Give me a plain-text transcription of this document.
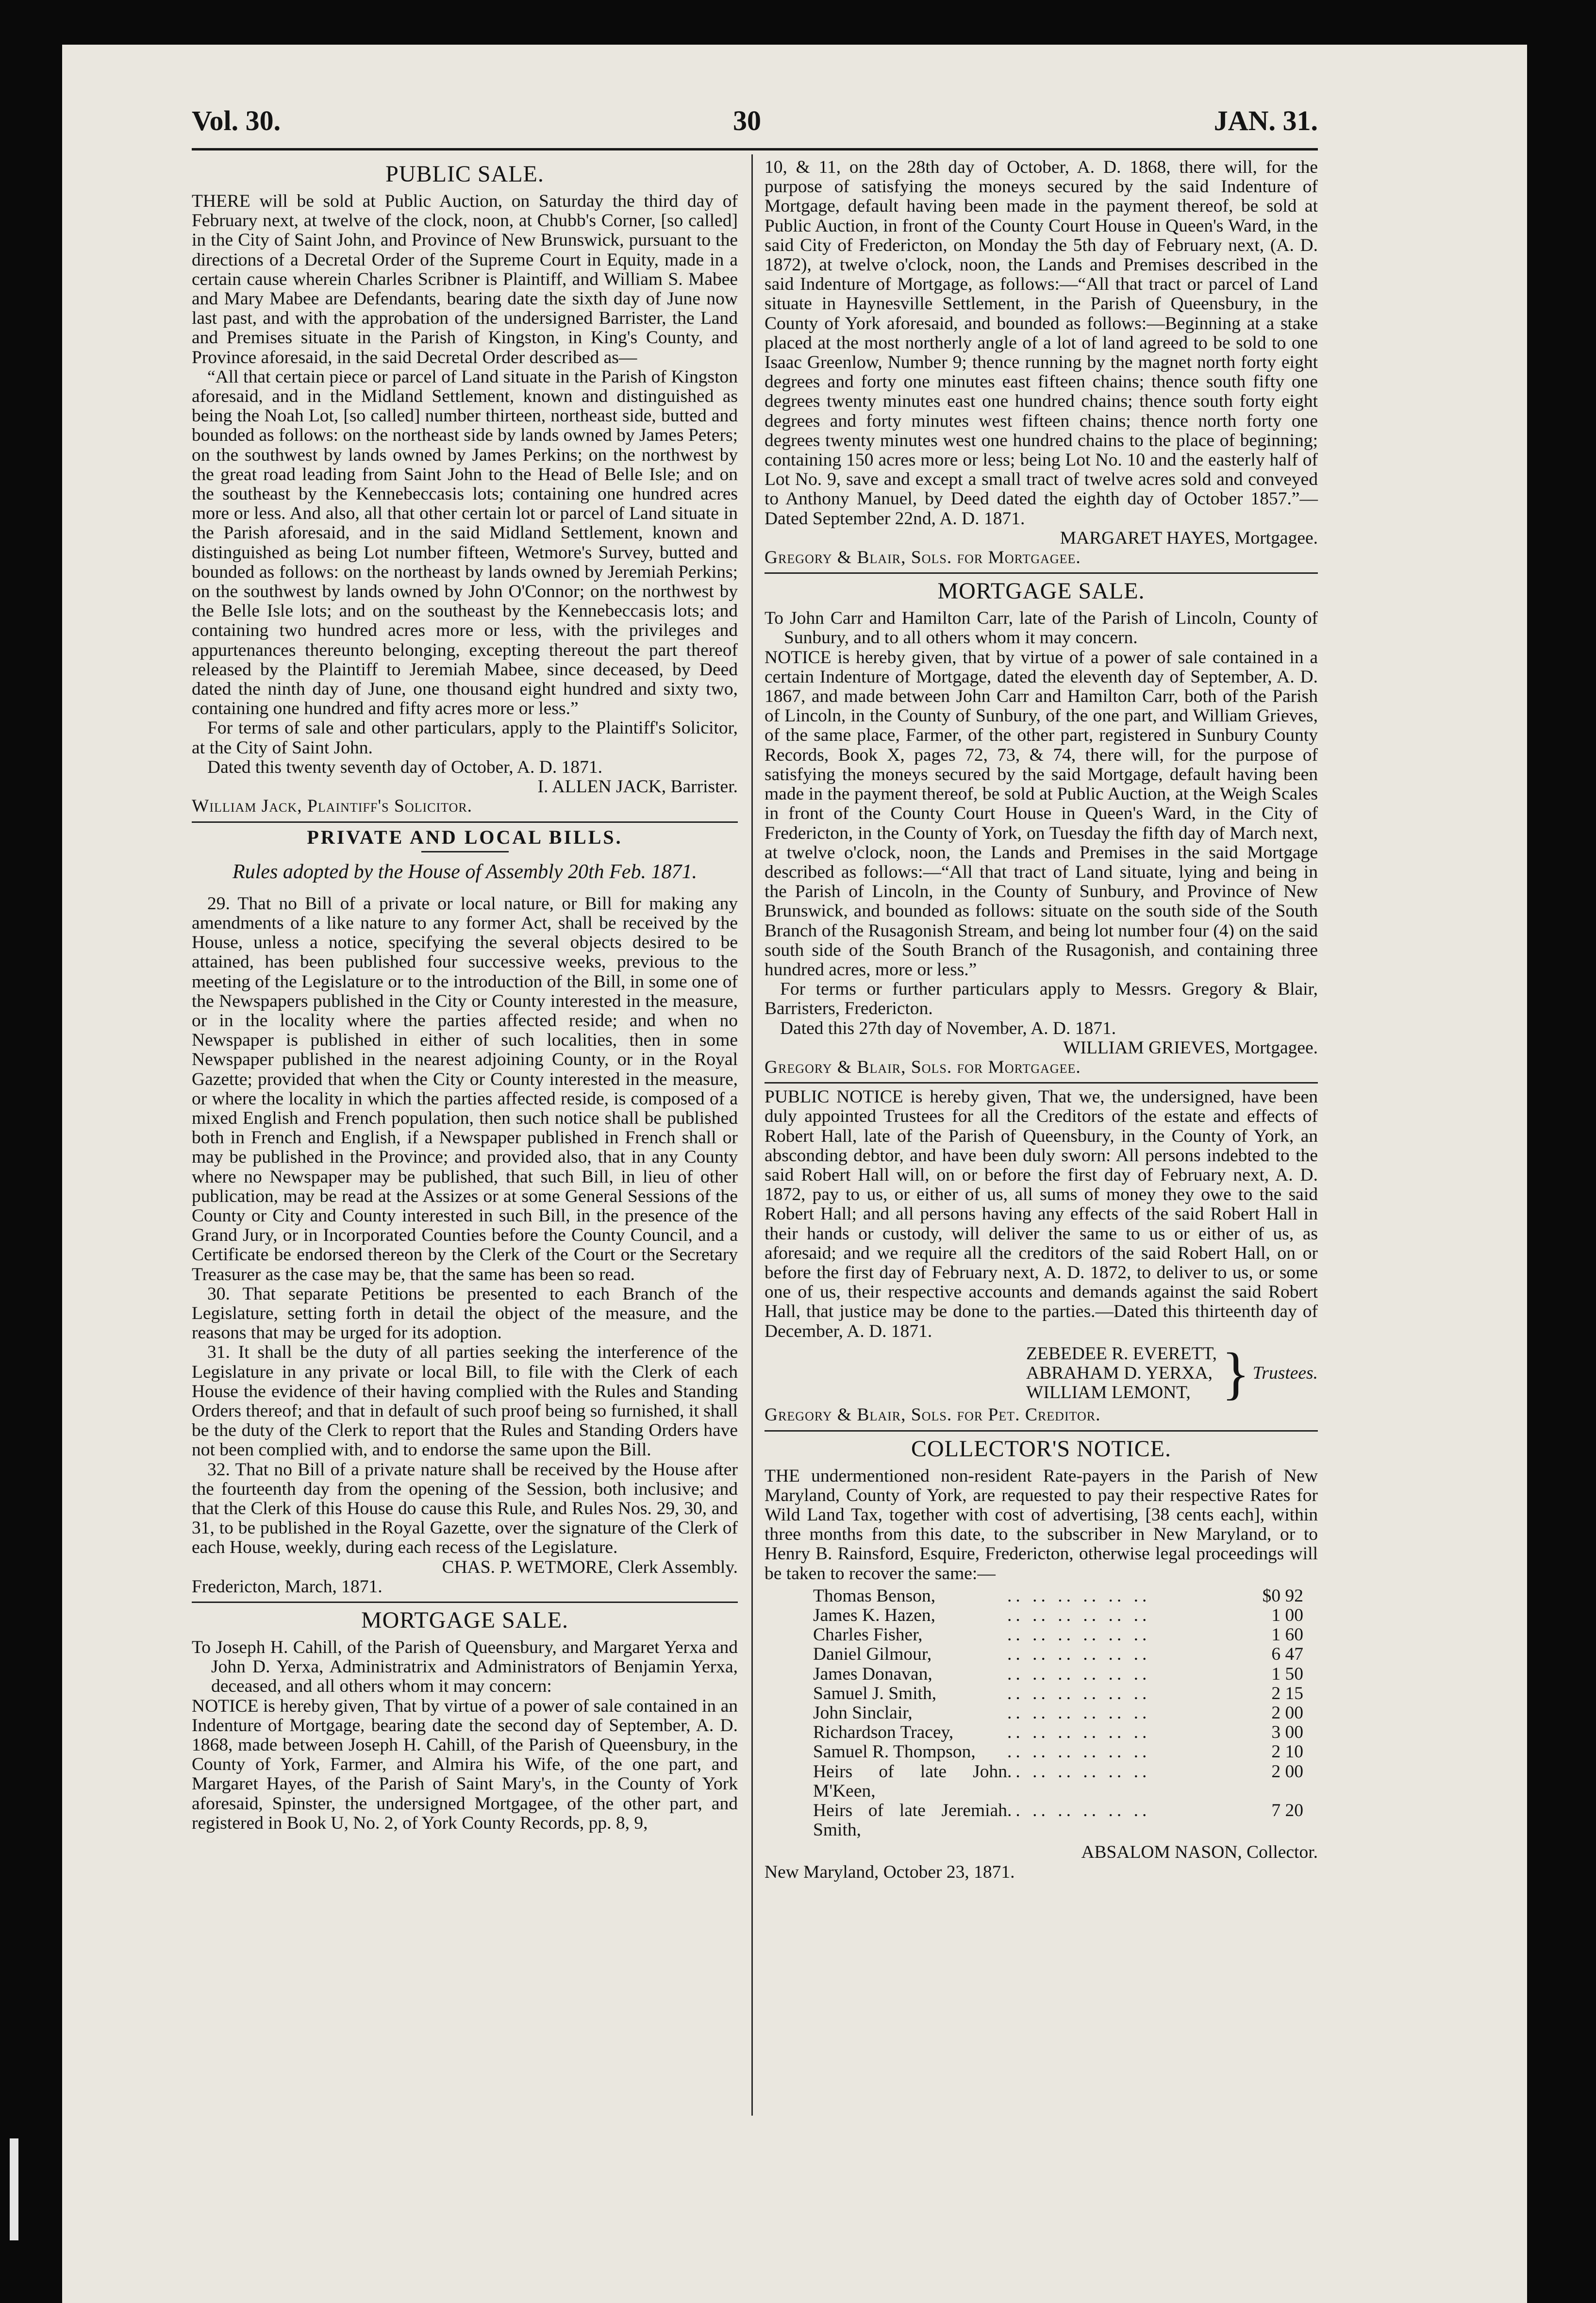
Vol. 30.	30	JAN. 31.
PUBLIC SALE.

THERE will be sold at Public Auction, on Saturday the third day of February next, at twelve of the clock, noon, at Chubb's Corner, [so called] in the City of Saint John, and Province of New Brunswick, pursuant to the directions of a Decretal Order of the Supreme Court in Equity, made in a certain cause wherein Charles Scribner is Plaintiff, and William S. Mabee and Mary Mabee are Defendants, bearing date the sixth day of June now last past, and with the approbation of the undersigned Barrister, the Land and Premises situate in the Parish of Kingston, in King's County, and Province aforesaid, in the said Decretal Order described as—

“All that certain piece or parcel of Land situate in the Parish of Kingston aforesaid, and in the Midland Settlement, known and distinguished as being the Noah Lot, [so called] number thirteen, northeast side, butted and bounded as follows: on the northeast side by lands owned by James Peters; on the southwest by lands owned by James Perkins; on the northwest by the great road leading from Saint John to the Head of Belle Isle; and on the southeast by the Kennebeccasis lots; containing one hundred acres more or less. And also, all that other certain lot or parcel of Land situate in the Parish aforesaid, and in the said Midland Settlement, known and distinguished as being Lot number fifteen, Wetmore's Survey, butted and bounded as follows: on the northeast by lands owned by Jeremiah Perkins; on the southwest by lands owned by John O'Connor; on the northwest by the Belle Isle lots; and on the southeast by the Kennebeccasis lots; and containing two hundred acres more or less, with the privileges and appurtenances thereunto belonging, excepting thereout the part thereof released by the Plaintiff to Jeremiah Mabee, since deceased, by Deed dated the ninth day of June, one thousand eight hundred and sixty two, containing one hundred and fifty acres more or less.”

For terms of sale and other particulars, apply to the Plaintiff's Solicitor, at the City of Saint John.

Dated this twenty seventh day of October, A. D. 1871.

I. ALLEN JACK, Barrister.

William Jack, Plaintiff's Solicitor.

PRIVATE AND LOCAL BILLS.
Rules adopted by the House of Assembly 20th Feb. 1871.

29. That no Bill of a private or local nature, or Bill for making any amendments of a like nature to any former Act, shall be received by the House, unless a notice, specifying the several objects desired to be attained, has been published four successive weeks, previous to the meeting of the Legislature or to the introduction of the Bill, in some one of the Newspapers published in the City or County interested in the measure, or in the locality where the parties affected reside; and when no Newspaper is published in either of such localities, then in some Newspaper published in the nearest adjoining County, or in the Royal Gazette; provided that when the City or County interested in the measure, or where the locality in which the parties affected reside, is composed of a mixed English and French population, then such notice shall be published both in French and English, if a Newspaper published in French shall or may be published in the Province; and provided also, that in any County where no Newspaper may be published, that such Bill, in lieu of other publication, may be read at the Assizes or at some General Sessions of the County or City and County interested in such Bill, in the presence of the Grand Jury, or in Incorporated Counties before the County Council, and a Certificate be endorsed thereon by the Clerk of the Court or the Secretary Treasurer as the case may be, that the same has been so read.

30. That separate Petitions be presented to each Branch of the Legislature, setting forth in detail the object of the measure, and the reasons that may be urged for its adoption.

31. It shall be the duty of all parties seeking the interference of the Legislature in any private or local Bill, to file with the Clerk of each House the evidence of their having complied with the Rules and Standing Orders thereof; and that in default of such proof being so furnished, it shall be the duty of the Clerk to report that the Rules and Standing Orders have not been complied with, and to endorse the same upon the Bill.

32. That no Bill of a private nature shall be received by the House after the fourteenth day from the opening of the Session, both inclusive; and that the Clerk of this House do cause this Rule, and Rules Nos. 29, 30, and 31, to be published in the Royal Gazette, over the signature of the Clerk of each House, weekly, during each recess of the Legislature.

CHAS. P. WETMORE, Clerk Assembly.

Fredericton, March, 1871.

MORTGAGE SALE.

To Joseph H. Cahill, of the Parish of Queensbury, and Margaret Yerxa and John D. Yerxa, Administratrix and Administrators of Benjamin Yerxa, deceased, and all others whom it may concern:

NOTICE is hereby given, That by virtue of a power of sale contained in an Indenture of Mortgage, bearing date the second day of September, A. D. 1868, made between Joseph H. Cahill, of the Parish of Queensbury, in the County of York, Farmer, and Almira his Wife, of the one part, and Margaret Hayes, of the Parish of Saint Mary's, in the County of York aforesaid, Spinster, the undersigned Mortgagee, of the other part, and registered in Book U, No. 2, of York County Records, pp. 8, 9,

10, & 11, on the 28th day of October, A. D. 1868, there will, for the purpose of satisfying the moneys secured by the said Indenture of Mortgage, default having been made in the payment thereof, be sold at Public Auction, in front of the County Court House in Queen's Ward, in the said City of Fredericton, on Monday the 5th day of February next, (A. D. 1872), at twelve o'clock, noon, the Lands and Premises described in the said Indenture of Mortgage, as follows:—“All that tract or parcel of Land situate in Haynesville Settlement, in the Parish of Queensbury, in the County of York aforesaid, and bounded as follows:—Beginning at a stake placed at the most northerly angle of a lot of land agreed to be sold to one Isaac Greenlow, Number 9; thence running by the magnet north forty eight degrees and forty one minutes east fifteen chains; thence south fifty one degrees twenty minutes east one hundred chains; thence south forty eight degrees and forty minutes west fifteen chains; thence north forty one degrees twenty minutes west one hundred chains to the place of beginning; containing 150 acres more or less; being Lot No. 10 and the easterly half of Lot No. 9, save and except a small tract of twelve acres sold and conveyed to Anthony Manuel, by Deed dated the eighth day of October 1857.”—Dated September 22nd, A. D. 1871.

MARGARET HAYES, Mortgagee.

Gregory & Blair, Sols. for Mortgagee.

MORTGAGE SALE.

To John Carr and Hamilton Carr, late of the Parish of Lincoln, County of Sunbury, and to all others whom it may concern.

NOTICE is hereby given, that by virtue of a power of sale contained in a certain Indenture of Mortgage, dated the eleventh day of September, A. D. 1867, and made between John Carr and Hamilton Carr, both of the Parish of Lincoln, in the County of Sunbury, of the one part, and William Grieves, of the same place, Farmer, of the other part, registered in Sunbury County Records, Book X, pages 72, 73, & 74, there will, for the purpose of satisfying the moneys secured by the said Mortgage, default having been made in the payment thereof, be sold at Public Auction, at the Weigh Scales in front of the County Court House in Queen's Ward, in the City of Fredericton, in the County of York, on Tuesday the fifth day of March next, at twelve o'clock, noon, the Lands and Premises in the said Mortgage described as follows:—“All that tract of Land situate, lying and being in the Parish of Lincoln, in the County of Sunbury, and Province of New Brunswick, and bounded as follows: situate on the south side of the South Branch of the Rusagonish Stream, and being lot number four (4) on the said south side of the South Branch of the Rusagonish, and containing three hundred acres, more or less.”

For terms or further particulars apply to Messrs. Gregory & Blair, Barristers, Fredericton.

Dated this 27th day of November, A. D. 1871.

WILLIAM GRIEVES, Mortgagee.

Gregory & Blair, Sols. for Mortgagee.

PUBLIC NOTICE is hereby given, That we, the undersigned, have been duly appointed Trustees for all the Creditors of the estate and effects of Robert Hall, late of the Parish of Queensbury, in the County of York, an absconding debtor, and have been duly sworn: All persons indebted to the said Robert Hall will, on or before the first day of February next, A. D. 1872, pay to us, or either of us, all sums of money they owe to the said Robert Hall; and all persons having any effects of the said Robert Hall in their hands or custody, will deliver the same to us or either of us, as aforesaid; and we require all the creditors of the said Robert Hall, on or before the first day of February next, A. D. 1872, to deliver to us, or some one of us, their respective accounts and demands against the said Robert Hall, that justice may be done to the parties.—Dated this thirteenth day of December, A. D. 1871.

ZEBEDEE R. EVERETT,
ABRAHAM D. YERXA,
WILLIAM LEMONT, } Trustees.

Gregory & Blair, Sols. for Pet. Creditor.

COLLECTOR'S NOTICE.

THE undermentioned non-resident Rate-payers in the Parish of New Maryland, County of York, are requested to pay their respective Rates for Wild Land Tax, together with cost of advertising, [38 cents each], within three months from this date, to the subscriber in New Maryland, or to Henry B. Rainsford, Esquire, Fredericton, otherwise legal proceedings will be taken to recover the same:—

Thomas Benson,	.. .. .. .. .. ..	$0 92
James K. Hazen,	.. .. .. .. .. ..	1 00
Charles Fisher,	.. .. .. .. .. ..	1 60
Daniel Gilmour,	.. .. .. .. .. ..	6 47
James Donavan,	.. .. .. .. .. ..	1 50
Samuel J. Smith,	.. .. .. .. .. ..	2 15
John Sinclair,	.. .. .. .. .. ..	2 00
Richardson Tracey,	.. .. .. .. .. ..	3 00
Samuel R. Thompson,	.. .. .. .. .. ..	2 10
Heirs of late John M'Keen,
.. .. .. .. .. ..	2 00
Heirs of late Jeremiah Smith,
.. .. .. .. .. ..	7 20

ABSALOM NASON, Collector.

New Maryland, October 23, 1871.
